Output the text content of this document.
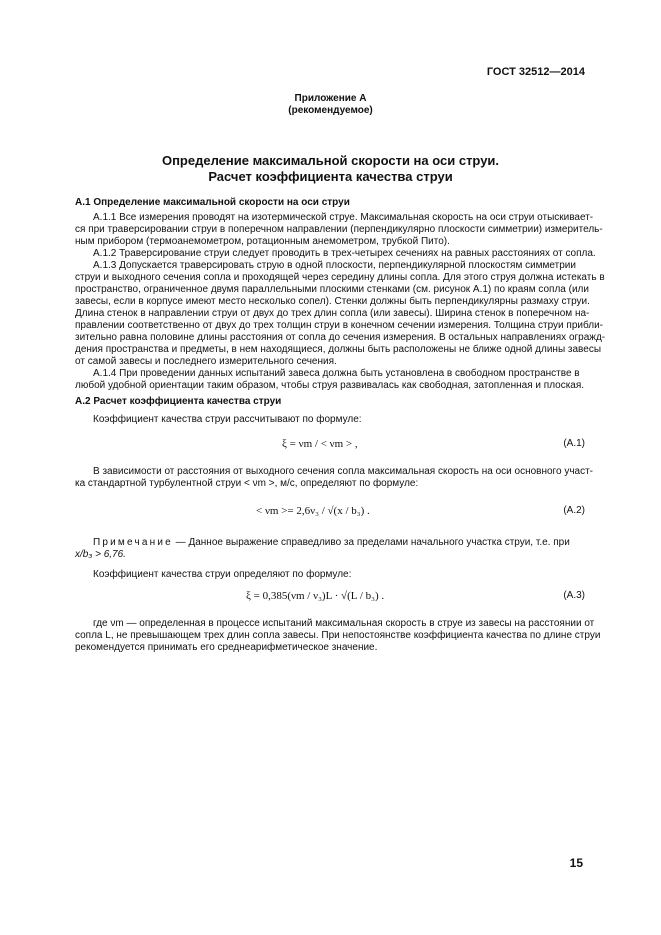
ГОСТ 32512—2014
Приложение А
(рекомендуемое)
Определение максимальной скорости на оси струи.
Расчет коэффициента качества струи
А.1 Определение максимальной скорости на оси струи
А.1.1 Все измерения проводят на изотермической струе. Максимальная скорость на оси струи отыскивает-
ся при траверсировании струи в поперечном направлении (перпендикулярно плоскости симметрии) измеритель-
ным прибором (термоанемометром, ротационным анемометром, трубкой Пито).
А.1.2 Траверсирование струи следует проводить в трех-четырех сечениях на равных расстояниях от сопла.
А.1.3 Допускается траверсировать струю в одной плоскости, перпендикулярной плоскостям симметрии
струи и выходного сечения сопла и проходящей через середину длины сопла. Для этого струя должна истекать в
пространство, ограниченное двумя параллельными плоскими стенками (см. рисунок А.1) по краям сопла (или
завесы, если в корпусе имеют место несколько сопел). Стенки должны быть перпендикулярны размаху струи.
Длина стенок в направлении струи от двух до трех длин сопла (или завесы). Ширина стенок в поперечном на-
правлении соответственно от двух до трех толщин струи в конечном сечении измерения. Толщина струи прибли-
зительно равна половине длины расстояния от сопла до сечения измерения. В остальных направлениях огражд-
дения пространства и предметы, в нем находящиеся, должны быть расположены не ближе одной длины завесы
от самой завесы и последнего измерительного сечения.
А.1.4 При проведении данных испытаний завеса должна быть установлена в свободном пространстве в
любой удобной ориентации таким образом, чтобы струя развивалась как свободная, затопленная и плоская.
А.2 Расчет коэффициента качества струи
Коэффициент качества струи рассчитывают по формуле:
ξ = νm / < νm > ,	(А.1)
В зависимости от расстояния от выходного сечения сопла максимальная скорость на оси основного участ-
ка стандартной турбулентной струи < νm >, м/с, определяют по формуле:
< νm >= 2,6ν₃ / √(x / b₃) .	(А.2)
Примечание — Данное выражение справедливо за пределами начального участка струи, т.е. при
x/b₃ > 6,76.
Коэффициент качества струи определяют по формуле:
ξ = 0,385(νm / ν₃)L · √(L / b₃) .	(А.3)
где νm — определенная в процессе испытаний максимальная скорость в струе из завесы на расстоянии от
сопла L, не превышающем трех длин сопла завесы. При непостоянстве коэффициента качества по длине струи
рекомендуется принимать его среднеарифметическое значение.
15
